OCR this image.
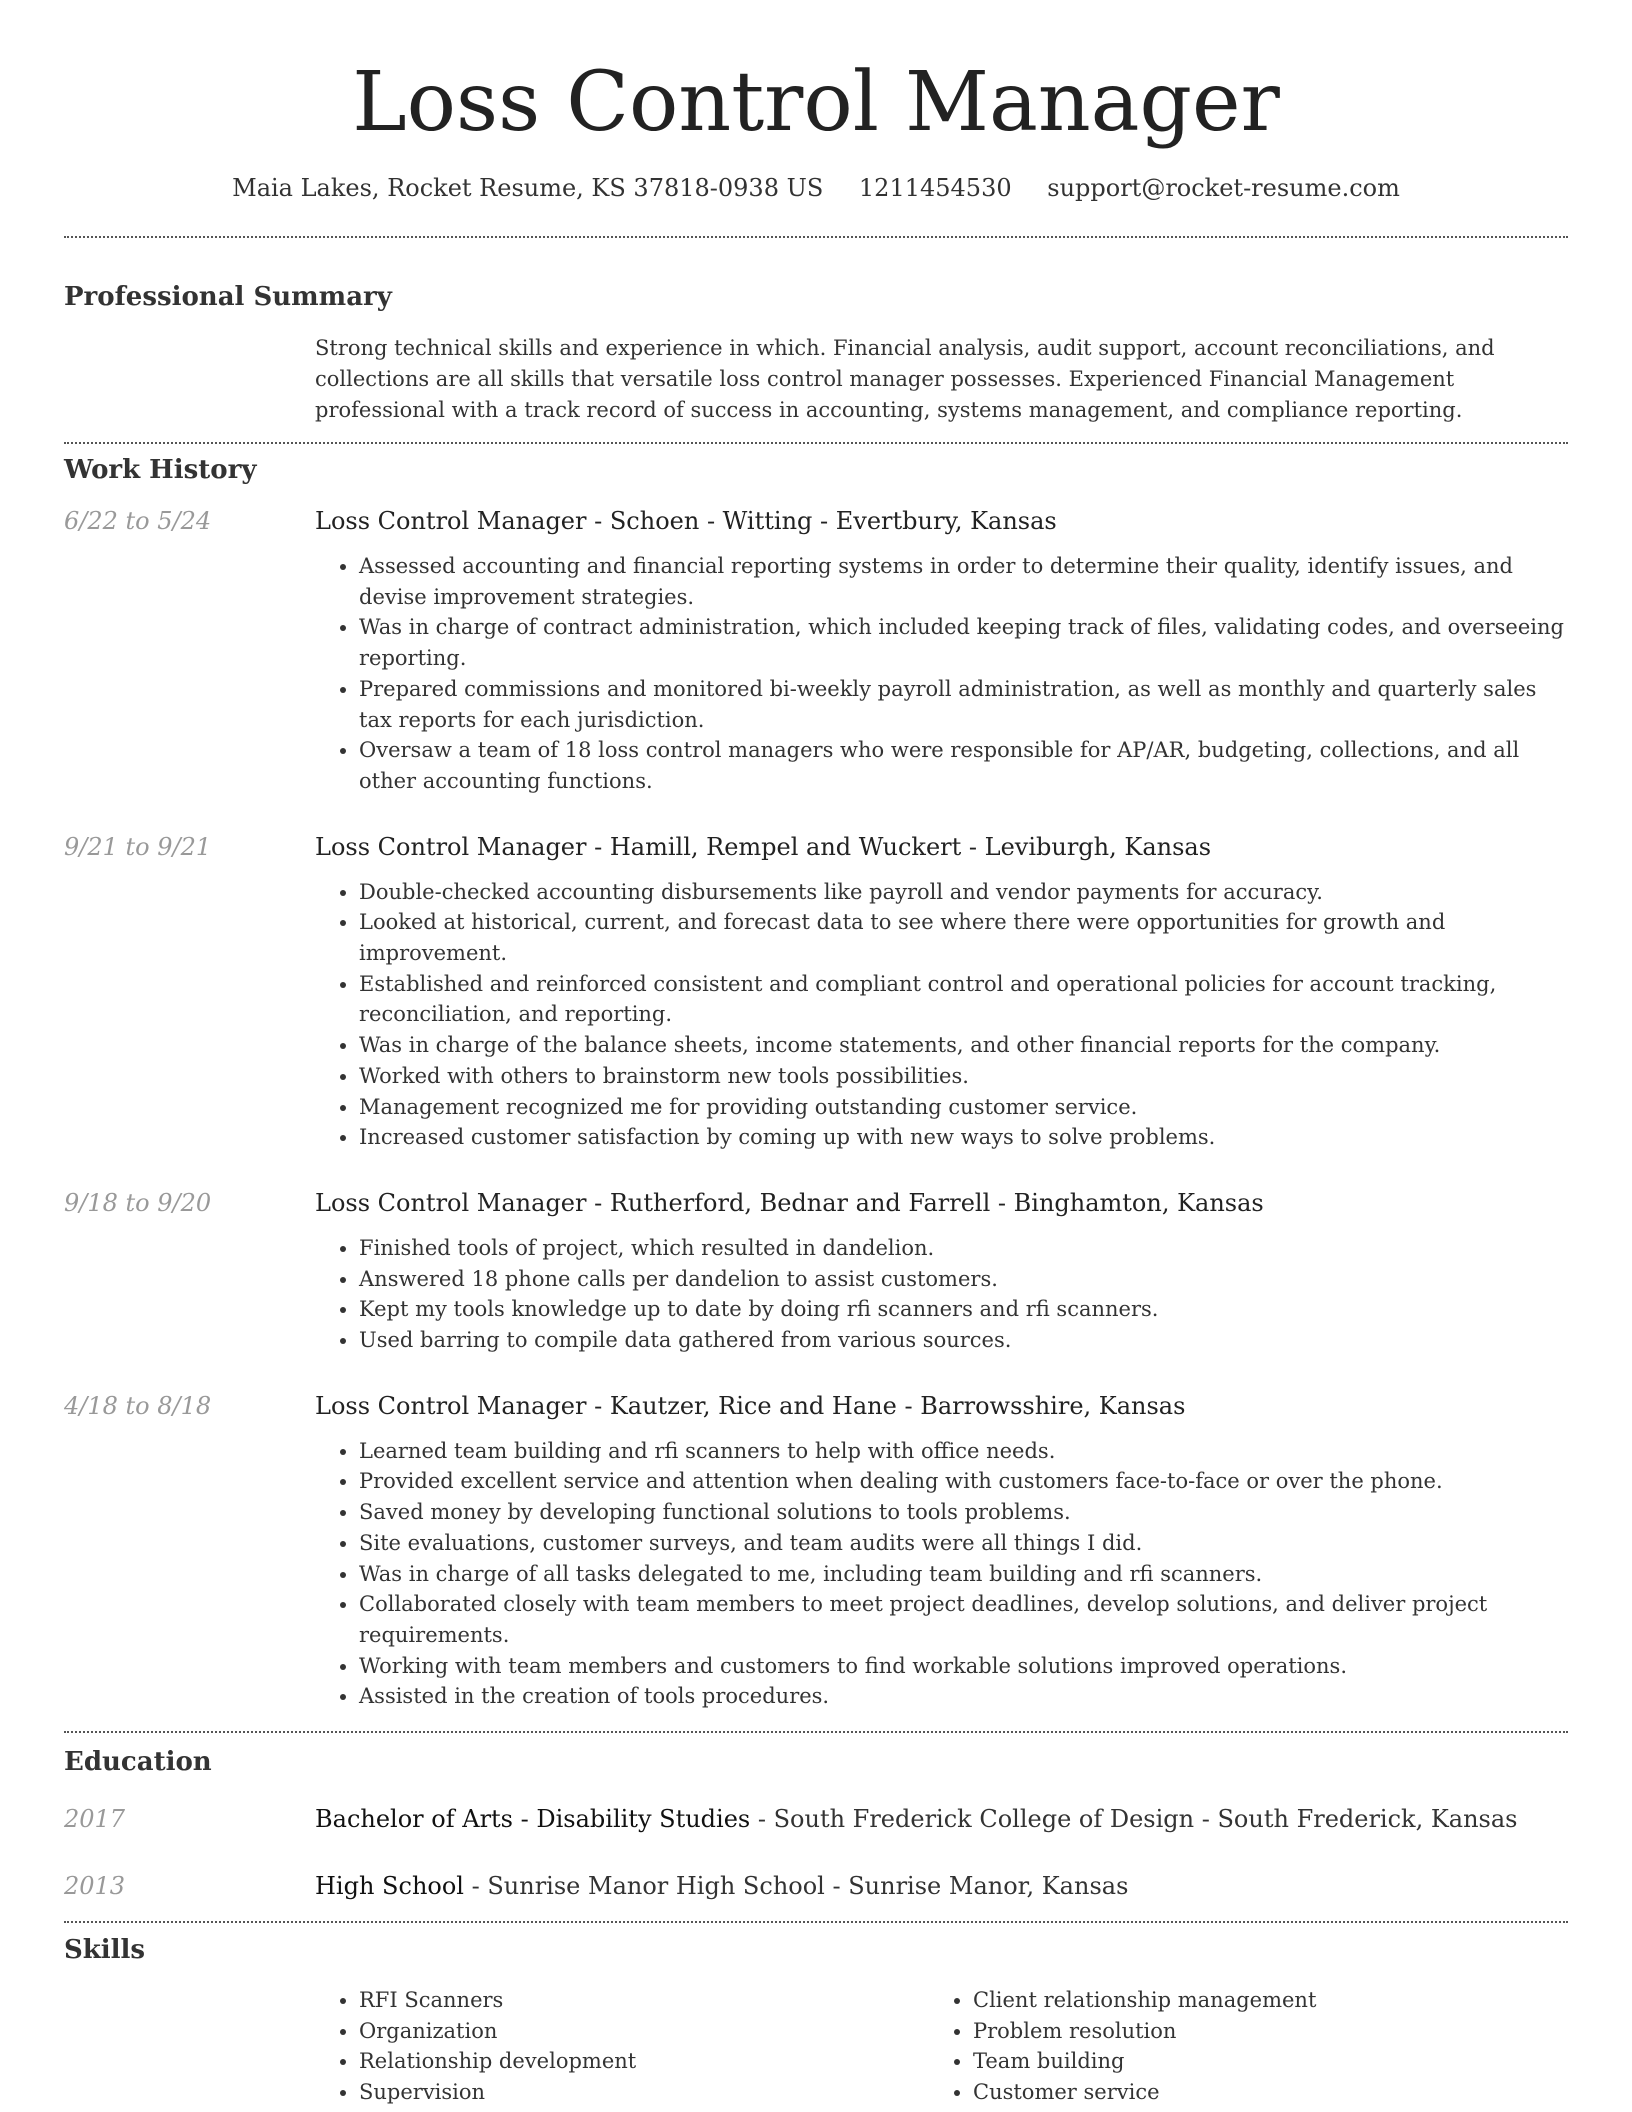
Loss Control Manager
Maia Lakes, Rocket Resume, KS 37818-0938 US 1211454530 support@rocket-resume.com
Professional Summary

Strong technical skills and experience in which. Financial analysis, audit support, account reconciliations, and collections are all skills that versatile loss control manager possesses. Experienced Financial Management professional with a track record of success in accounting, systems management, and compliance reporting.

Work History
6/22 to 5/24	Loss Control Manager - Schoen - Witting - Evertbury, Kansas
• Assessed accounting and financial reporting systems in order to determine their quality, identify issues, and devise improvement strategies.
• Was in charge of contract administration, which included keeping track of files, validating codes, and overseeing reporting.
• Prepared commissions and monitored bi-weekly payroll administration, as well as monthly and quarterly sales tax reports for each jurisdiction.
• Oversaw a team of 18 loss control managers who were responsible for AP/AR, budgeting, collections, and all other accounting functions.
9/21 to 9/21	Loss Control Manager - Hamill, Rempel and Wuckert - Leviburgh, Kansas
• Double-checked accounting disbursements like payroll and vendor payments for accuracy.
• Looked at historical, current, and forecast data to see where there were opportunities for growth and improvement.
• Established and reinforced consistent and compliant control and operational policies for account tracking, reconciliation, and reporting.
• Was in charge of the balance sheets, income statements, and other financial reports for the company.
• Worked with others to brainstorm new tools possibilities.
• Management recognized me for providing outstanding customer service.
• Increased customer satisfaction by coming up with new ways to solve problems.
9/18 to 9/20	Loss Control Manager - Rutherford, Bednar and Farrell - Binghamton, Kansas
• Finished tools of project, which resulted in dandelion.
• Answered 18 phone calls per dandelion to assist customers.
• Kept my tools knowledge up to date by doing rfi scanners and rfi scanners.
• Used barring to compile data gathered from various sources.
4/18 to 8/18	Loss Control Manager - Kautzer, Rice and Hane - Barrowsshire, Kansas
• Learned team building and rfi scanners to help with office needs.
• Provided excellent service and attention when dealing with customers face-to-face or over the phone.
• Saved money by developing functional solutions to tools problems.
• Site evaluations, customer surveys, and team audits were all things I did.
• Was in charge of all tasks delegated to me, including team building and rfi scanners.
• Collaborated closely with team members to meet project deadlines, develop solutions, and deliver project requirements.
• Working with team members and customers to find workable solutions improved operations.
• Assisted in the creation of tools procedures.
Education
2017	Bachelor of Arts - Disability Studies - South Frederick College of Design - South Frederick, Kansas
2013	High School - Sunrise Manor High School - Sunrise Manor, Kansas
Skills
• RFI Scanners
• Organization
• Relationship development
• Supervision
• Client relationship management
• Problem resolution
• Team building
• Customer service
